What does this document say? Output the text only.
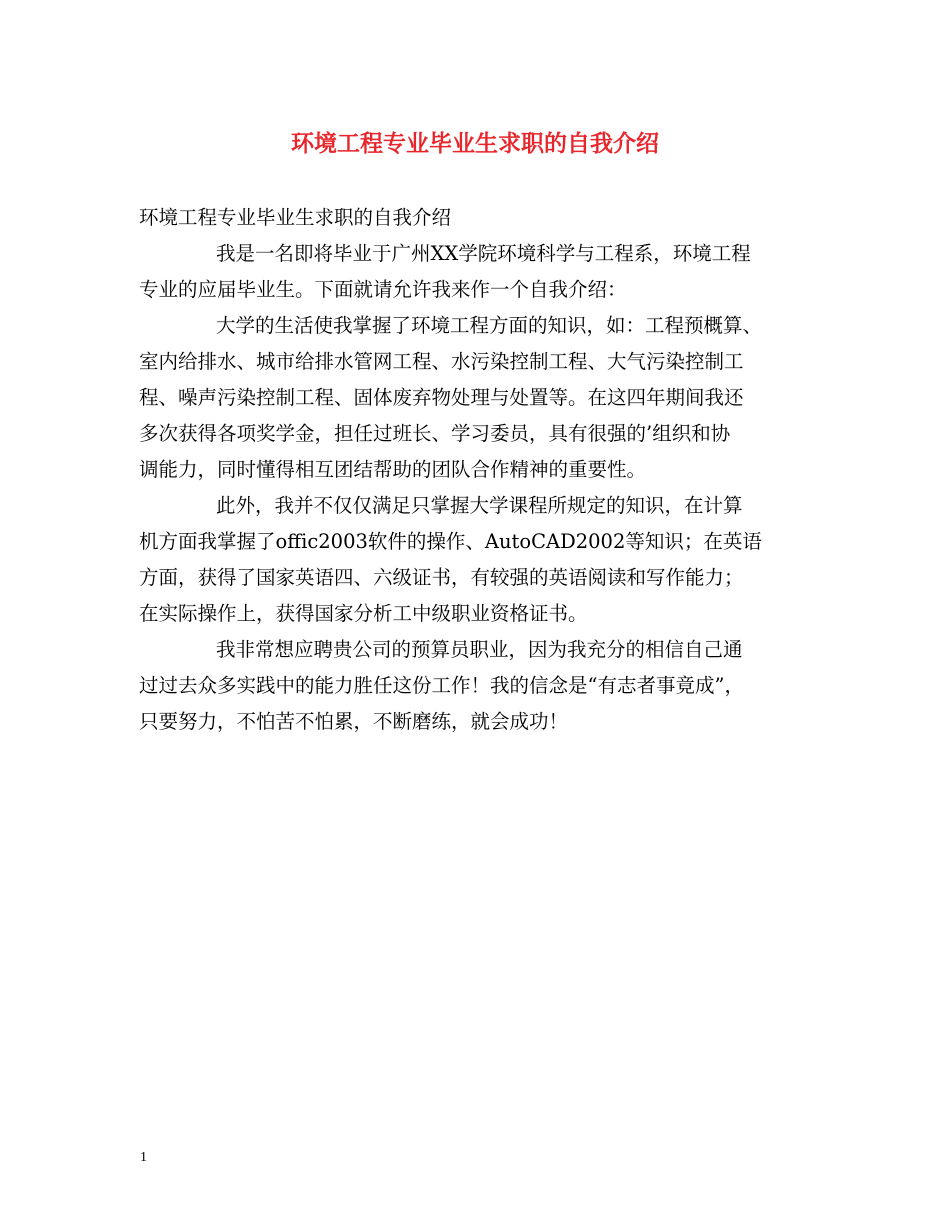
环境工程专业毕业生求职的自我介绍
环境工程专业毕业生求职的自我介绍
我是一名即将毕业于广州XX学院环境科学与工程系，环境工程
专业的应届毕业生。下面就请允许我来作一个自我介绍：
大学的生活使我掌握了环境工程方面的知识，如：工程预概算、
室内给排水、城市给排水管网工程、水污染控制工程、大气污染控制工
程、噪声污染控制工程、固体废弃物处理与处置等。在这四年期间我还
多次获得各项奖学金，担任过班长、学习委员，具有很强的’组织和协
调能力，同时懂得相互团结帮助的团队合作精神的重要性。
此外，我并不仅仅满足只掌握大学课程所规定的知识，在计算
机方面我掌握了offic2003软件的操作、AutoCAD2002等知识；在英语
方面，获得了国家英语四、六级证书，有较强的英语阅读和写作能力；
在实际操作上，获得国家分析工中级职业资格证书。
我非常想应聘贵公司的预算员职业，因为我充分的相信自己通
过过去众多实践中的能力胜任这份工作！我的信念是“有志者事竟成”，
只要努力，不怕苦不怕累，不断磨练，就会成功！
1
